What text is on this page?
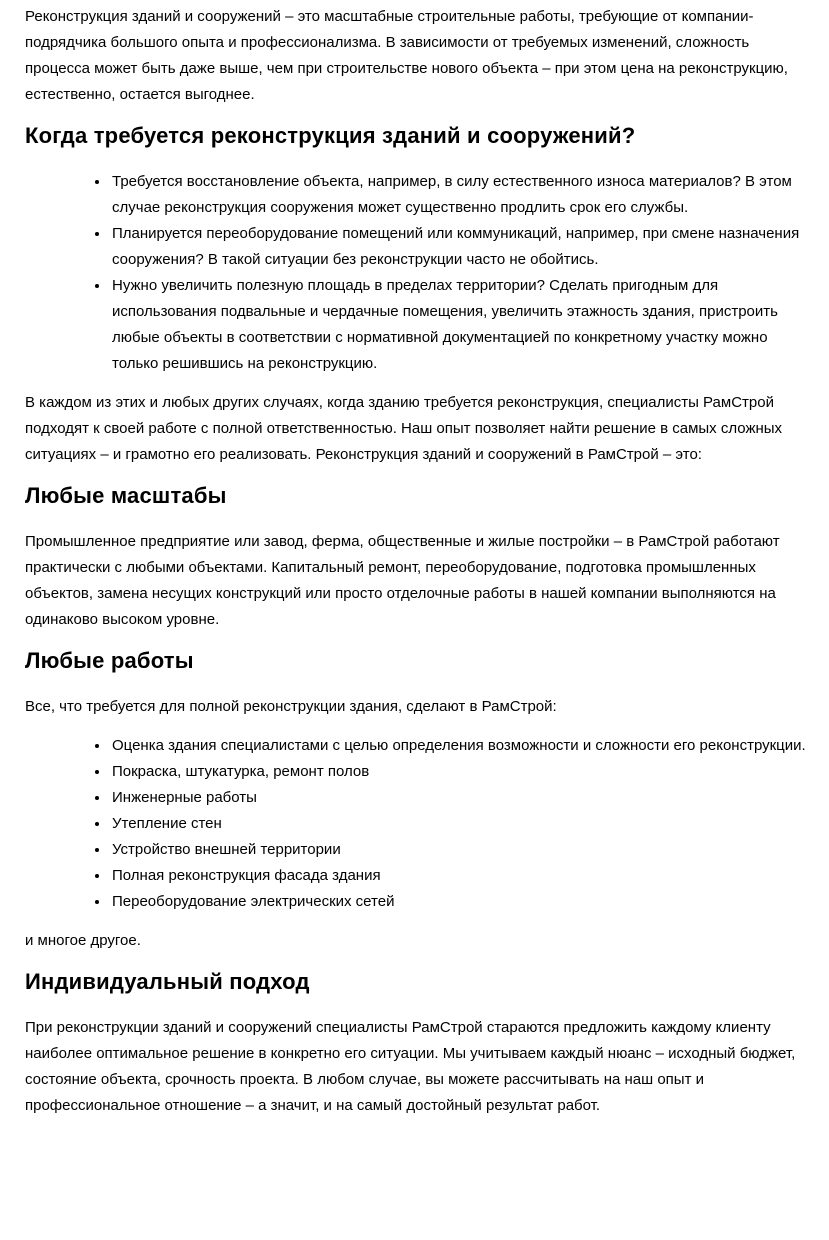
Реконструкция зданий и сооружений – это масштабные строительные работы, требующие от компании-подрядчика большого опыта и профессионализма. В зависимости от требуемых изменений, сложность процесса может быть даже выше, чем при строительстве нового объекта – при этом цена на реконструкцию, естественно, остается выгоднее.

Когда требуется реконструкция зданий и сооружений?
• Требуется восстановление объекта, например, в силу естественного износа материалов? В этом случае реконструкция сооружения может существенно продлить срок его службы.
• Планируется переоборудование помещений или коммуникаций, например, при смене назначения сооружения? В такой ситуации без реконструкции часто не обойтись.
• Нужно увеличить полезную площадь в пределах территории? Сделать пригодным для использования подвальные и чердачные помещения, увеличить этажность здания, пристроить любые объекты в соответствии с нормативной документацией по конкретному участку можно только решившись на реконструкцию.

В каждом из этих и любых других случаях, когда зданию требуется реконструкция, специалисты РамСтрой подходят к своей работе с полной ответственностью. Наш опыт позволяет найти решение в самых сложных ситуациях – и грамотно его реализовать. Реконструкция зданий и сооружений в РамСтрой – это:

Любые масштабы

Промышленное предприятие или завод, ферма, общественные и жилые постройки – в РамСтрой работают практически с любыми объектами. Капитальный ремонт, переоборудование, подготовка промышленных объектов, замена несущих конструкций или просто отделочные работы в нашей компании выполняются на одинаково высоком уровне.

Любые работы

Все, что требуется для полной реконструкции здания, сделают в РамСтрой:

• Оценка здания специалистами с целью определения возможности и сложности его реконструкции.
• Покраска, штукатурка, ремонт полов
• Инженерные работы
• Утепление стен
• Устройство внешней территории
• Полная реконструкция фасада здания
• Переоборудование электрических сетей

и многое другое.

Индивидуальный подход

При реконструкции зданий и сооружений специалисты РамСтрой стараются предложить каждому клиенту наиболее оптимальное решение в конкретно его ситуации. Мы учитываем каждый нюанс – исходный бюджет, состояние объекта, срочность проекта. В любом случае, вы можете рассчитывать на наш опыт и профессиональное отношение – а значит, и на самый достойный результат работ.
